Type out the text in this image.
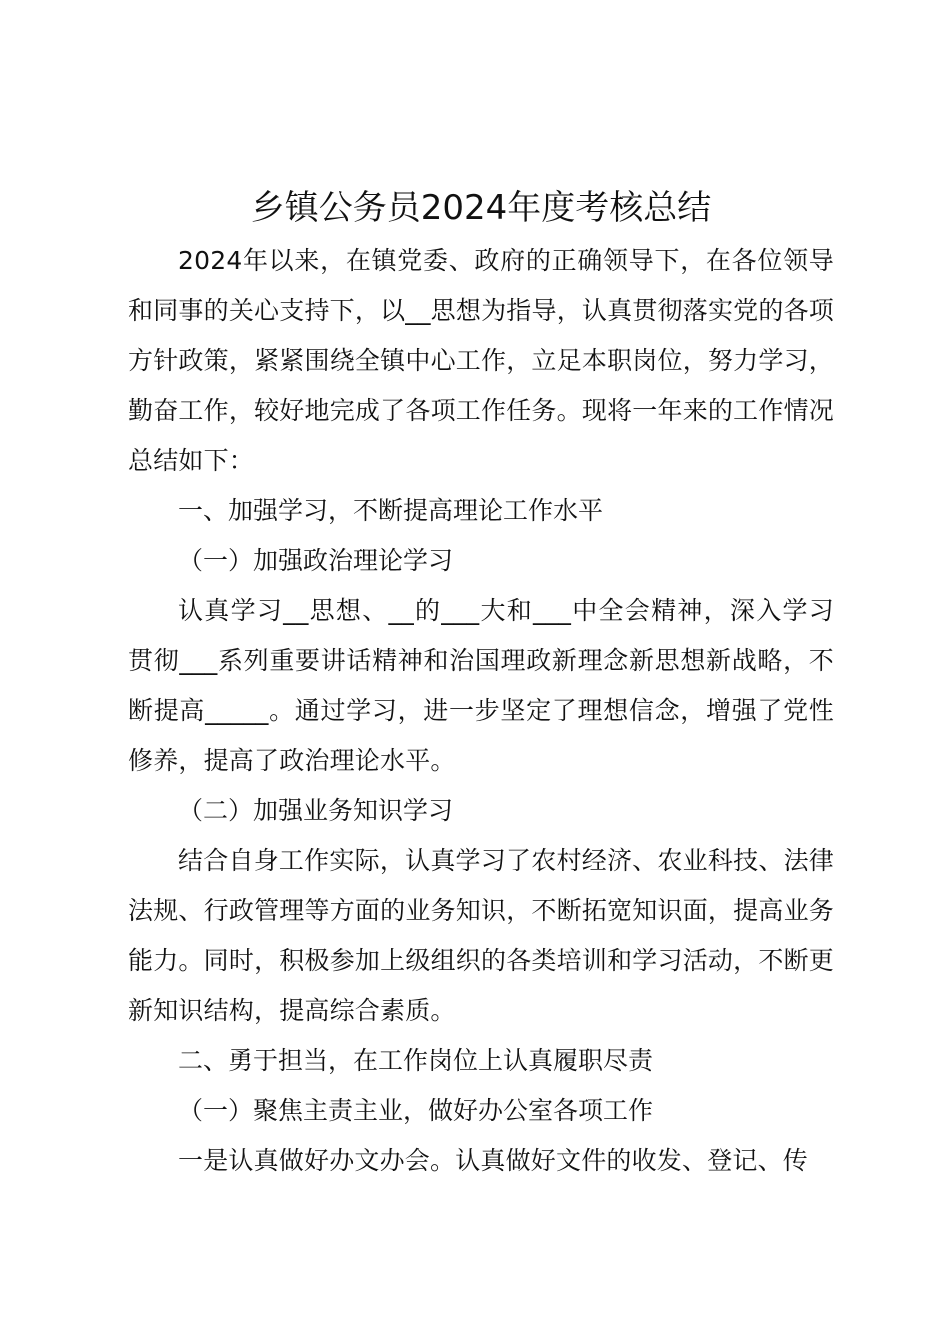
乡镇公务员2024年度考核总结

2024年以来，在镇党委、政府的正确领导下，在各位领导和同事的关心支持下，以__思想为指导，认真贯彻落实党的各项方针政策，紧紧围绕全镇中心工作，立足本职岗位，努力学习，勤奋工作，较好地完成了各项工作任务。现将一年来的工作情况总结如下：

一、加强学习，不断提高理论工作水平

（一）加强政治理论学习

认真学习__思想、__的___大和___中全会精神，深入学习贯彻___系列重要讲话精神和治国理政新理念新思想新战略，不断提高_____。通过学习，进一步坚定了理想信念，增强了党性修养，提高了政治理论水平。

（二）加强业务知识学习

结合自身工作实际，认真学习了农村经济、农业科技、法律法规、行政管理等方面的业务知识，不断拓宽知识面，提高业务能力。同时，积极参加上级组织的各类培训和学习活动，不断更新知识结构，提高综合素质。

二、勇于担当，在工作岗位上认真履职尽责

（一）聚焦主责主业，做好办公室各项工作

一是认真做好办文办会。认真做好文件的收发、登记、传
